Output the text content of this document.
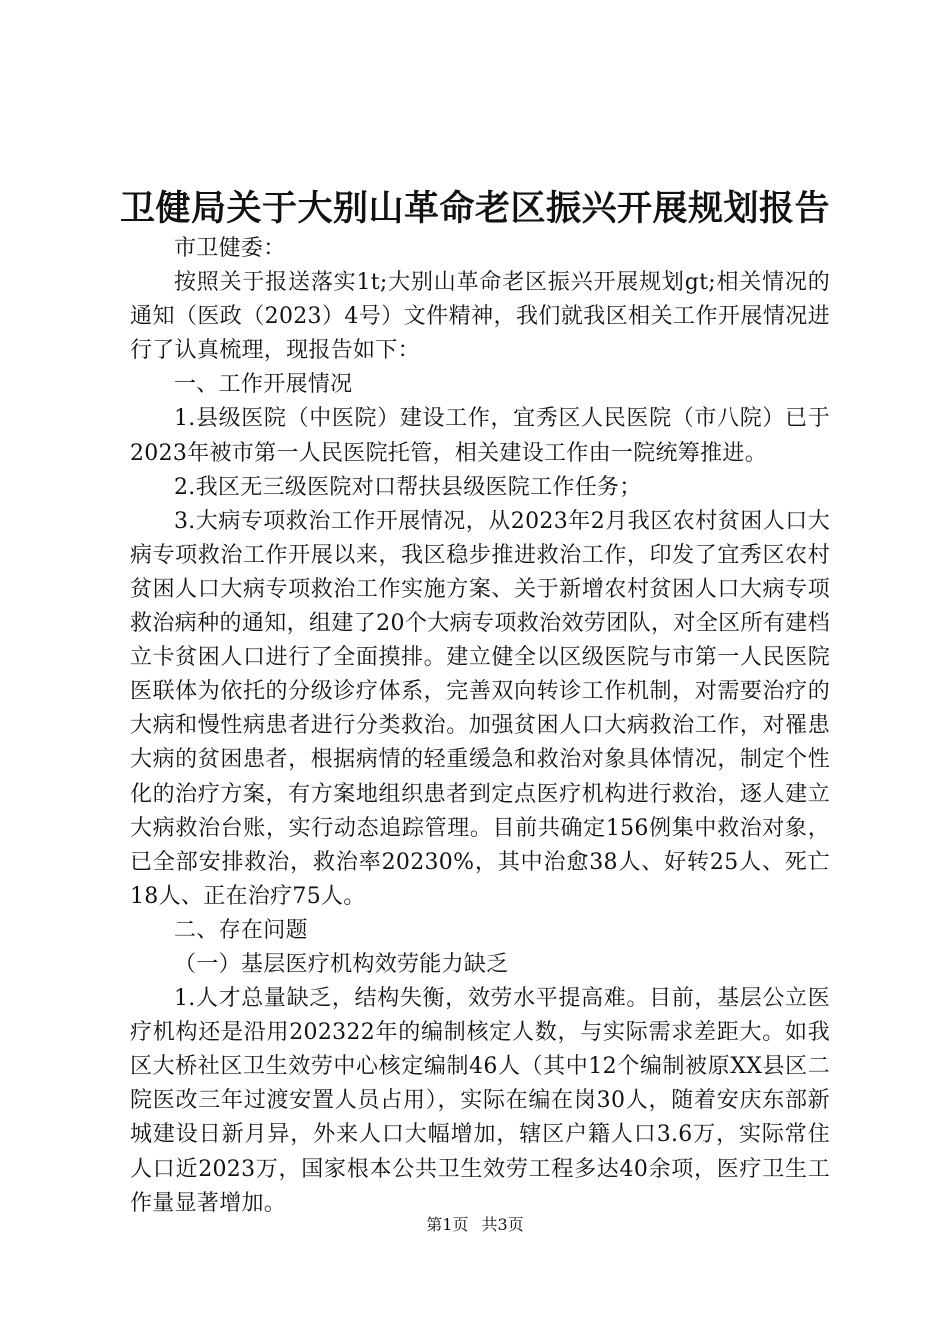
卫健局关于大别山革命老区振兴开展规划报告

市卫健委：

按照关于报送落实1t;大别山革命老区振兴开展规划gt;相关情况的通知（医政（2023）4号）文件精神，我们就我区相关工作开展情况进行了认真梳理，现报告如下：

一、工作开展情况

1.县级医院（中医院）建设工作，宜秀区人民医院（市八院）已于2023年被市第一人民医院托管，相关建设工作由一院统筹推进。

2.我区无三级医院对口帮扶县级医院工作任务；

3.大病专项救治工作开展情况，从2023年2月我区农村贫困人口大病专项救治工作开展以来，我区稳步推进救治工作，印发了宜秀区农村贫困人口大病专项救治工作实施方案、关于新增农村贫困人口大病专项救治病种的通知，组建了20个大病专项救治效劳团队，对全区所有建档立卡贫困人口进行了全面摸排。建立健全以区级医院与市第一人民医院医联体为依托的分级诊疗体系，完善双向转诊工作机制，对需要治疗的大病和慢性病患者进行分类救治。加强贫困人口大病救治工作，对罹患大病的贫困患者，根据病情的轻重缓急和救治对象具体情况，制定个性化的治疗方案，有方案地组织患者到定点医疗机构进行救治，逐人建立大病救治台账，实行动态追踪管理。目前共确定156例集中救治对象，已全部安排救治，救治率20230%，其中治愈38人、好转25人、死亡18人、正在治疗75人。

二、存在问题

（一）基层医疗机构效劳能力缺乏

1.人才总量缺乏，结构失衡，效劳水平提高难。目前，基层公立医疗机构还是沿用202322年的编制核定人数，与实际需求差距大。如我区大桥社区卫生效劳中心核定编制46人（其中12个编制被原XX县区二院医改三年过渡安置人员占用），实际在编在岗30人，随着安庆东部新城建设日新月异，外来人口大幅增加，辖区户籍人口3.6万，实际常住人口近2023万，国家根本公共卫生效劳工程多达40余项，医疗卫生工作量显著增加。

第1页 共3页
